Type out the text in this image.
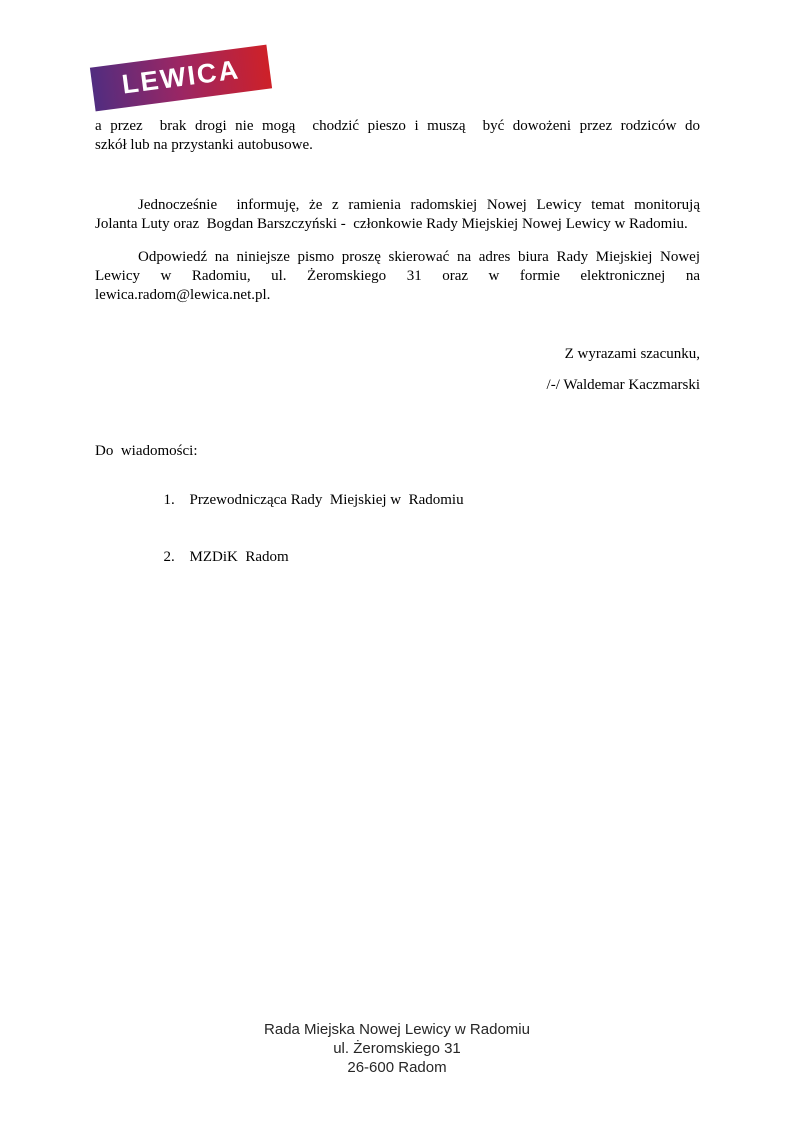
LEWICA
a przez  brak drogi nie mogą  chodzić pieszo i muszą  być dowożeni przez rodziców do
szkół lub na przystanki autobusowe.
Jednocześnie  informuję, że z ramienia radomskiej Nowej Lewicy temat monitorują
Jolanta Luty oraz  Bogdan Barszczyński -  członkowie Rady Miejskiej Nowej Lewicy w Radomiu.
Odpowiedź na niniejsze pismo proszę skierować na adres biura Rady Miejskiej Nowej
Lewicy w Radomiu, ul. Żeromskiego 31 oraz w formie elektronicznej na
lewica.radom@lewica.net.pl.
Z wyrazami szacunku,
/-/ Waldemar Kaczmarski
Do  wiadomości:

1. Przewodnicząca Rady  Miejskiej w  Radomiu

2. MZDiK  Radom

Rada Miejska Nowej Lewicy w Radomiu
ul. Żeromskiego 31
26-600 Radom
